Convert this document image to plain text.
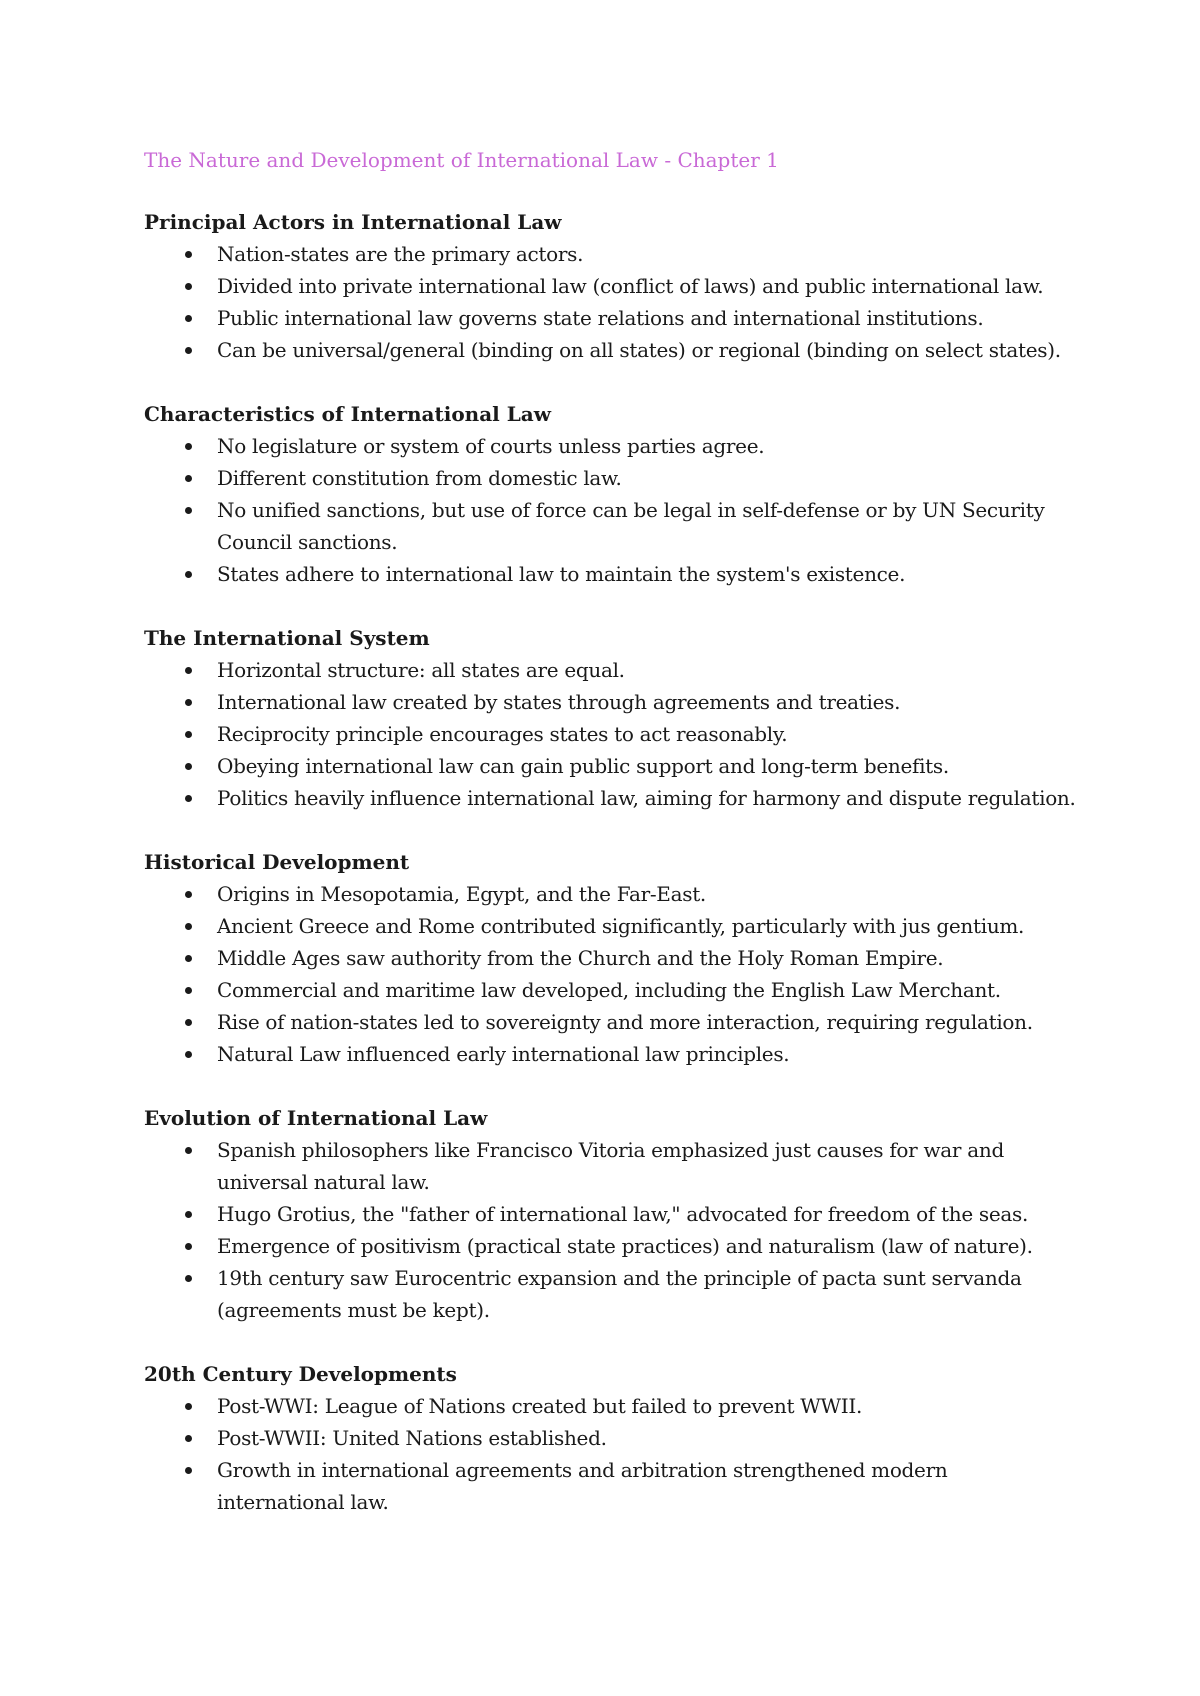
The Nature and Development of International Law - Chapter 1
Principal Actors in International Law
Nation-states are the primary actors.
Divided into private international law (conflict of laws) and public international law.
Public international law governs state relations and international institutions.
Can be universal/general (binding on all states) or regional (binding on select states).
Characteristics of International Law
No legislature or system of courts unless parties agree.
Different constitution from domestic law.
No unified sanctions, but use of force can be legal in self-defense or by UN Security Council sanctions.
States adhere to international law to maintain the system's existence.
The International System
Horizontal structure: all states are equal.
International law created by states through agreements and treaties.
Reciprocity principle encourages states to act reasonably.
Obeying international law can gain public support and long-term benefits.
Politics heavily influence international law, aiming for harmony and dispute regulation.
Historical Development
Origins in Mesopotamia, Egypt, and the Far-East.
Ancient Greece and Rome contributed significantly, particularly with jus gentium.
Middle Ages saw authority from the Church and the Holy Roman Empire.
Commercial and maritime law developed, including the English Law Merchant.
Rise of nation-states led to sovereignty and more interaction, requiring regulation.
Natural Law influenced early international law principles.
Evolution of International Law
Spanish philosophers like Francisco Vitoria emphasized just causes for war and universal natural law.
Hugo Grotius, the "father of international law," advocated for freedom of the seas.
Emergence of positivism (practical state practices) and naturalism (law of nature).
19th century saw Eurocentric expansion and the principle of pacta sunt servanda (agreements must be kept).
20th Century Developments
Post-WWI: League of Nations created but failed to prevent WWII.
Post-WWII: United Nations established.
Growth in international agreements and arbitration strengthened modern international law.
